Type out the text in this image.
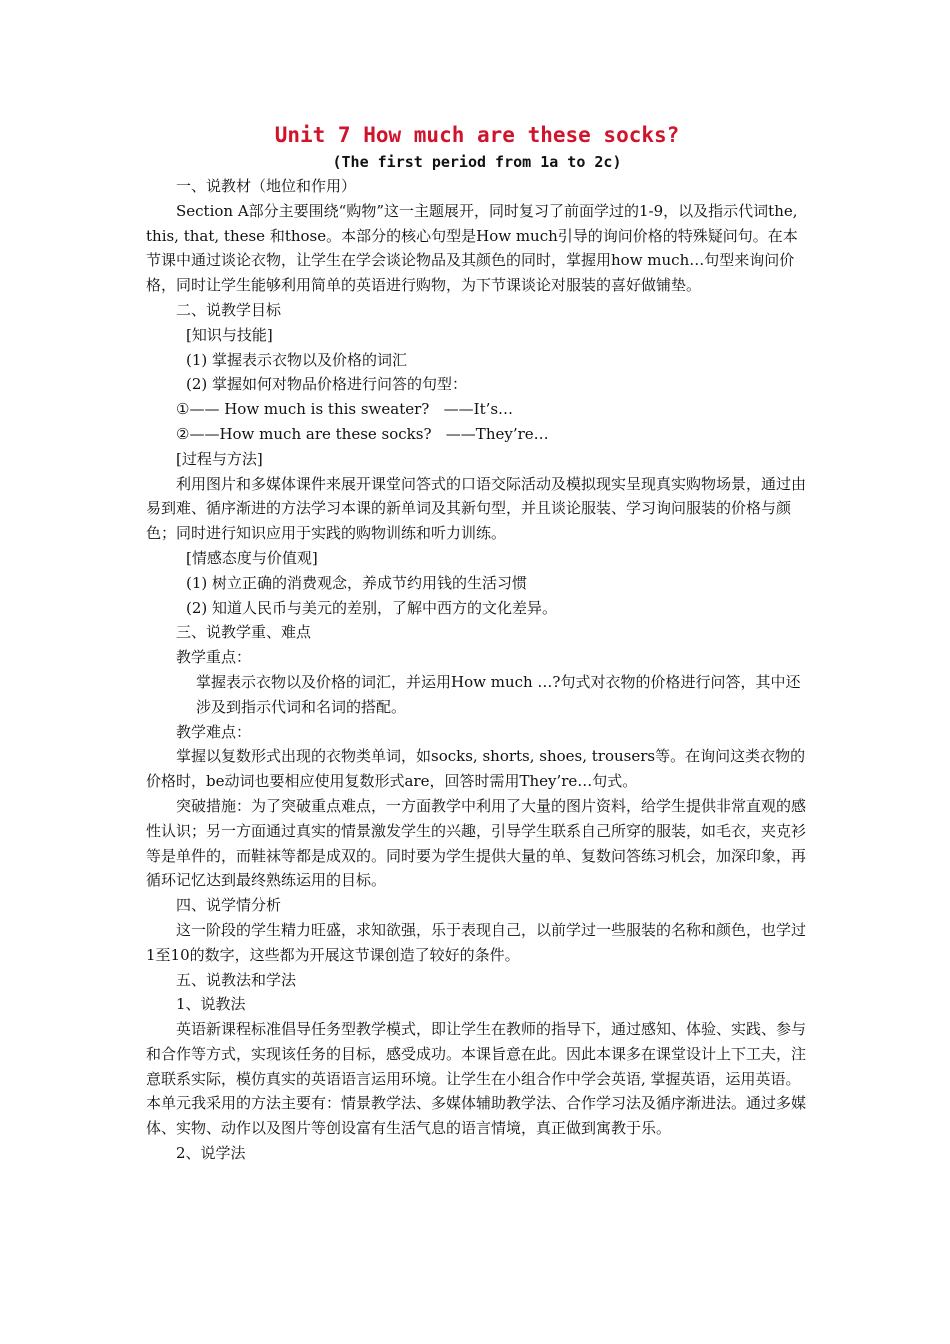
Unit 7 How much are these socks?
(The first period from 1a to 2c)

一、说教材（地位和作用）

Section A部分主要围绕“购物”这一主题展开，同时复习了前面学过的1-9，以及指示代词the, this, that, these 和those。本部分的核心句型是How much引导的询问价格的特殊疑问句。在本节课中通过谈论衣物，让学生在学会谈论物品及其颜色的同时，掌握用how much…句型来询问价格，同时让学生能够利用简单的英语进行购物，为下节课谈论对服装的喜好做铺垫。

二、说教学目标

[知识与技能]

(1) 掌握表示衣物以及价格的词汇

(2) 掌握如何对物品价格进行问答的句型：

①—— How much is this sweater?   ——It’s…

②——How much are these socks?   ——They’re…

[过程与方法]

利用图片和多媒体课件来展开课堂问答式的口语交际活动及模拟现实呈现真实购物场景，通过由易到难、循序渐进的方法学习本课的新单词及其新句型，并且谈论服装、学习询问服装的价格与颜色；同时进行知识应用于实践的购物训练和听力训练。

[情感态度与价值观]

(1) 树立正确的消费观念，养成节约用钱的生活习惯

(2) 知道人民币与美元的差别，了解中西方的文化差异。

三、说教学重、难点

教学重点：

掌握表示衣物以及价格的词汇，并运用How much …?句式对衣物的价格进行问答，其中还涉及到指示代词和名词的搭配。

教学难点：

掌握以复数形式出现的衣物类单词，如socks, shorts, shoes, trousers等。在询问这类衣物的价格时，be动词也要相应使用复数形式are，回答时需用They’re…句式。

突破措施：为了突破重点难点，一方面教学中利用了大量的图片资料，给学生提供非常直观的感性认识；另一方面通过真实的情景激发学生的兴趣，引导学生联系自己所穿的服装，如毛衣，夹克衫等是单件的，而鞋袜等都是成双的。同时要为学生提供大量的单、复数问答练习机会，加深印象，再循环记忆达到最终熟练运用的目标。

四、说学情分析

这一阶段的学生精力旺盛，求知欲强，乐于表现自己，以前学过一些服装的名称和颜色，也学过1至10的数字，这些都为开展这节课创造了较好的条件。

五、说教法和学法

1、说教法

英语新课程标准倡导任务型教学模式，即让学生在教师的指导下，通过感知、体验、实践、参与和合作等方式，实现该任务的目标，感受成功。本课旨意在此。因此本课多在课堂设计上下工夫，注意联系实际，模仿真实的英语语言运用环境。让学生在小组合作中学会英语, 掌握英语，运用英语。本单元我采用的方法主要有：情景教学法、多媒体辅助教学法、合作学习法及循序渐进法。通过多媒体、实物、动作以及图片等创设富有生活气息的语言情境，真正做到寓教于乐。

2、说学法
